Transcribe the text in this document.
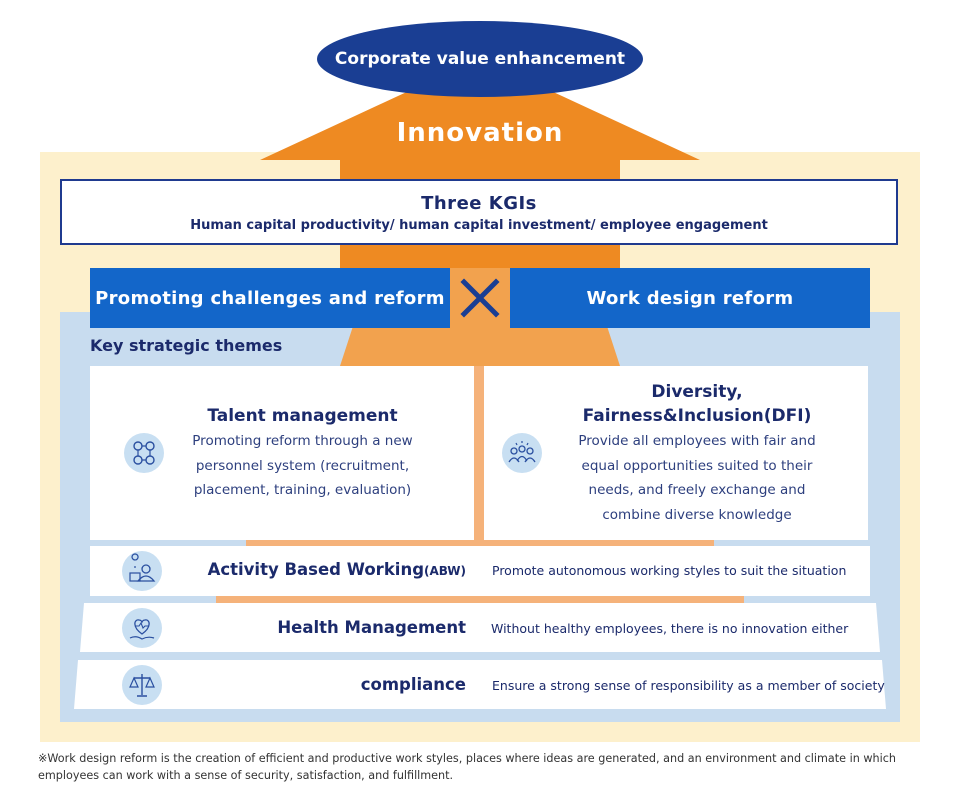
Corporate value enhancement
Innovation
Three KGIs
Human capital productivity/ human capital investment/ employee engagement
Promoting challenges and reform	Work design reform
Key strategic themes
Talent management
Promoting reform through a new
personnel system (recruitment,
placement, training, evaluation)
Diversity,
Fairness&Inclusion(DFI)
Provide all employees with fair and
equal opportunities suited to their
needs, and freely exchange and
combine diverse knowledge
Activity Based Working(ABW) Promote autonomous working styles to suit the situation
Health Management Without healthy employees, there is no innovation either
compliance Ensure a strong sense of responsibility as a member of society
※Work design reform is the creation of efficient and productive work styles, places where ideas are generated, and an environment and climate in which
employees can work with a sense of security, satisfaction, and fulfillment.
